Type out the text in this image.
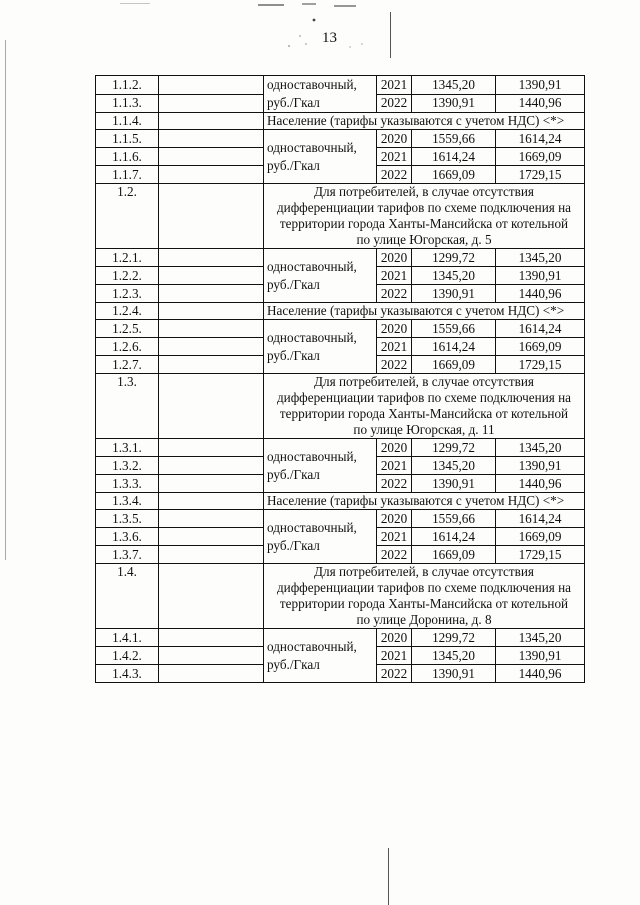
13
1.1.2.		одноставочный, руб./Гкал	2021	1345,20	1390,91
1.1.3.			2022	1390,91	1440,96
1.1.4.		Население (тарифы указываются с учетом НДС) <*>			
1.1.5.		одноставочный, руб./Гкал	2020	1559,66	1614,24
1.1.6.			2021	1614,24	1669,09
1.1.7.			2022	1669,09	1729,15
1.2.		Для потребителей, в случае отсутствия дифференциации тарифов по схеме подключения на территории города Ханты-Мансийска от котельной по улице Югорская, д. 5			
1.2.1.		одноставочный, руб./Гкал	2020	1299,72	1345,20
1.2.2.			2021	1345,20	1390,91
1.2.3.			2022	1390,91	1440,96
1.2.4.		Население (тарифы указываются с учетом НДС) <*>			
1.2.5.		одноставочный, руб./Гкал	2020	1559,66	1614,24
1.2.6.			2021	1614,24	1669,09
1.2.7.			2022	1669,09	1729,15
1.3.		Для потребителей, в случае отсутствия дифференциации тарифов по схеме подключения на территории города Ханты-Мансийска от котельной по улице Югорская, д. 11			
1.3.1.		одноставочный, руб./Гкал	2020	1299,72	1345,20
1.3.2.			2021	1345,20	1390,91
1.3.3.			2022	1390,91	1440,96
1.3.4.		Население (тарифы указываются с учетом НДС) <*>			
1.3.5.		одноставочный, руб./Гкал	2020	1559,66	1614,24
1.3.6.			2021	1614,24	1669,09
1.3.7.			2022	1669,09	1729,15
1.4.		Для потребителей, в случае отсутствия дифференциации тарифов по схеме подключения на территории города Ханты-Мансийска от котельной по улице Доронина, д. 8			
1.4.1.		одноставочный, руб./Гкал	2020	1299,72	1345,20
1.4.2.			2021	1345,20	1390,91
1.4.3.			2022	1390,91	1440,96
